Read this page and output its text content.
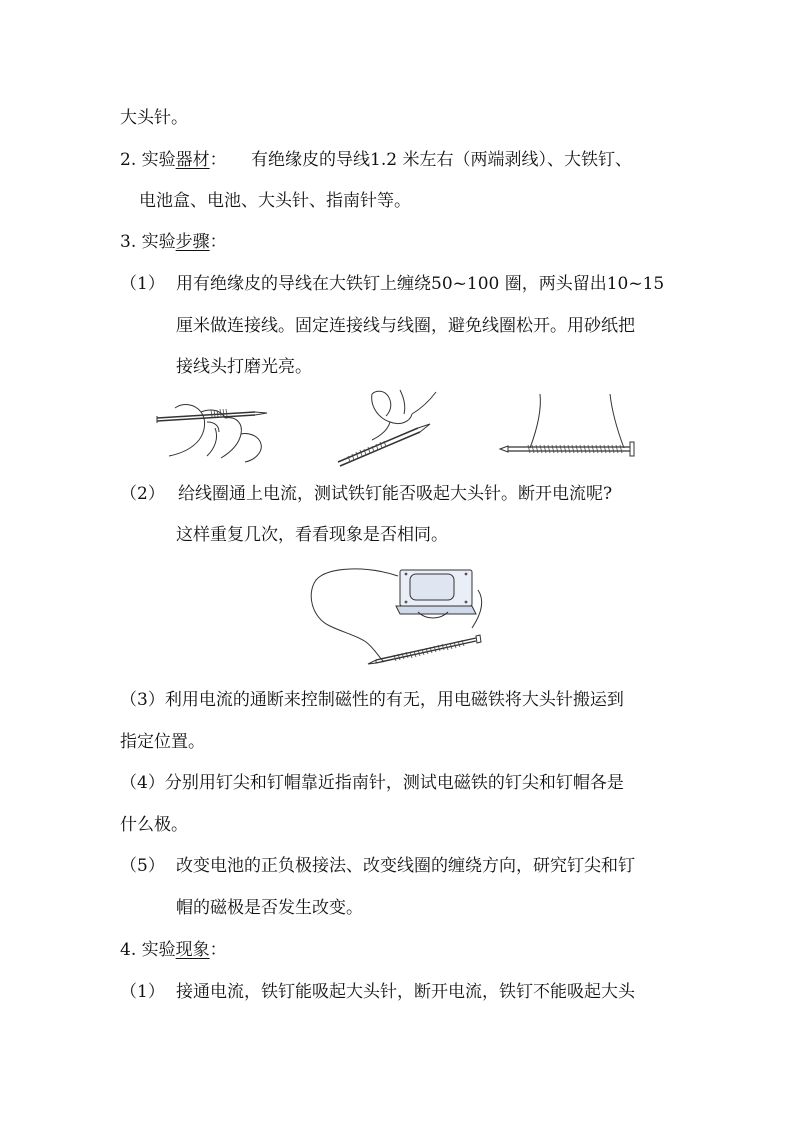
大头针。
2. 实验器材： 有绝缘皮的导线1.2 米左右（两端剥线）、大铁钉、
电池盒、电池、大头针、指南针等。
3. 实验步骤：
（1） 用有绝缘皮的导线在大铁钉上缠绕50~100 圈，两头留出10~15
厘米做连接线。固定连接线与线圈，避免线圈松开。用砂纸把
接线头打磨光亮。
（2） 给线圈通上电流，测试铁钉能否吸起大头针。断开电流呢?
这样重复几次，看看现象是否相同。
（3）利用电流的通断来控制磁性的有无，用电磁铁将大头针搬运到
指定位置。
（4）分别用钉尖和钉帽靠近指南针，测试电磁铁的钉尖和钉帽各是
什么极。
（5） 改变电池的正负极接法、改变线圈的缠绕方向，研究钉尖和钉
帽的磁极是否发生改变。
4. 实验现象：
（1） 接通电流，铁钉能吸起大头针，断开电流，铁钉不能吸起大头
